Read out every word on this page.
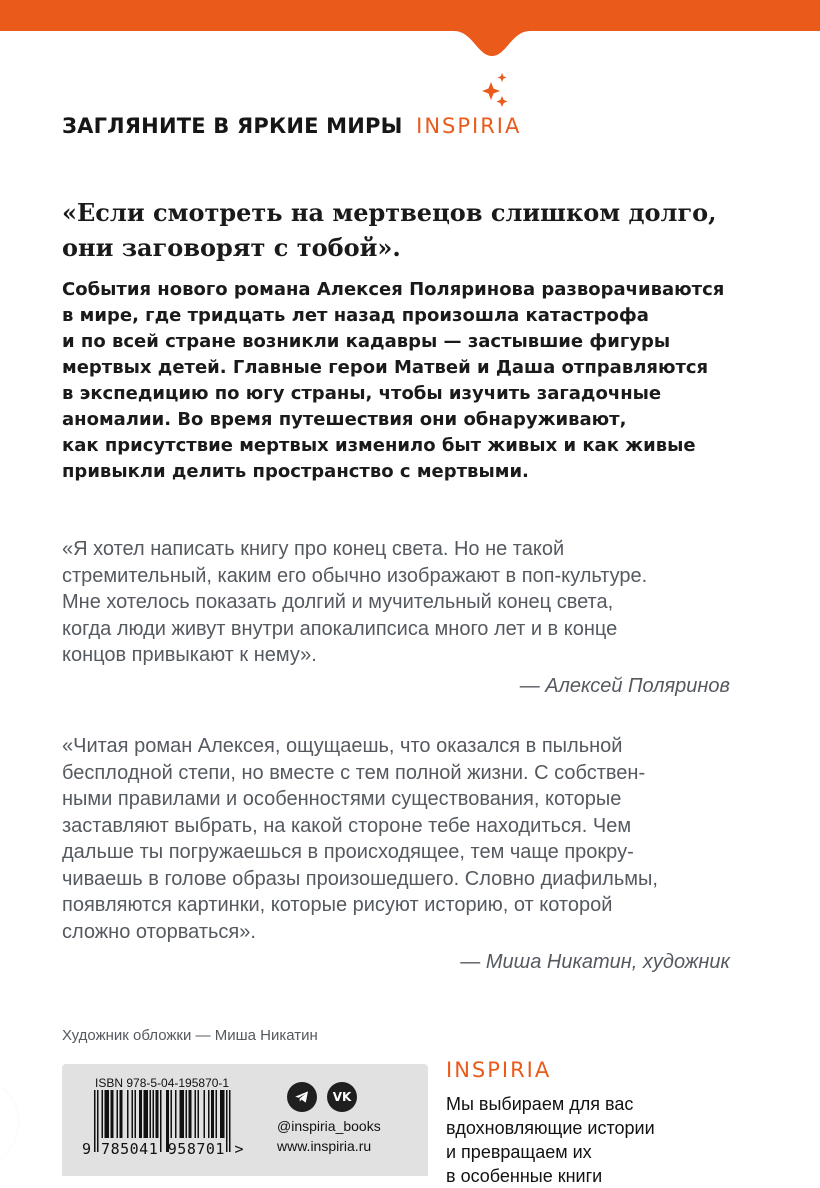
ЗАГЛЯНИТЕ В ЯРКИЕ МИРЫ INSPIRIA

«Если смотреть на мертвецов слишком долго,
они заговорят с тобой».

События нового романа Алексея Поляринова разворачиваются
в мире, где тридцать лет назад произошла катастрофа
и по всей стране возникли кадавры — застывшие фигуры
мертвых детей. Главные герои Матвей и Даша отправляются
в экспедицию по югу страны, чтобы изучить загадочные
аномалии. Во время путешествия они обнаруживают,
как присутствие мертвых изменило быт живых и как живые
привыкли делить пространство с мертвыми.

«Я хотел написать книгу про конец света. Но не такой
стремительный, каким его обычно изображают в поп-культуре.
Мне хотелось показать долгий и мучительный конец света,
когда люди живут внутри апокалипсиса много лет и в конце
концов привыкают к нему».
— Алексей Поляринов
«Читая роман Алексея, ощущаешь, что оказался в пыльной
бесплодной степи, но вместе с тем полной жизни. С собствен-
ными правилами и особенностями существования, которые
заставляют выбрать, на какой стороне тебе находиться. Чем
дальше ты погружаешься в происходящее, тем чаще прокру-
чиваешь в голове образы произошедшего. Словно диафильмы,
появляются картинки, которые рисуют историю, от которой
сложно оторваться».
— Миша Никатин, художник

Художник обложки — Миша Никатин

ISBN 978-5-04-195870-1
9 785041 958701 >
VK
@inspiria_books
www.inspiria.ru
INSPIRIA
Мы выбираем для вас
вдохновляющие истории
и превращаем их
в особенные книги
